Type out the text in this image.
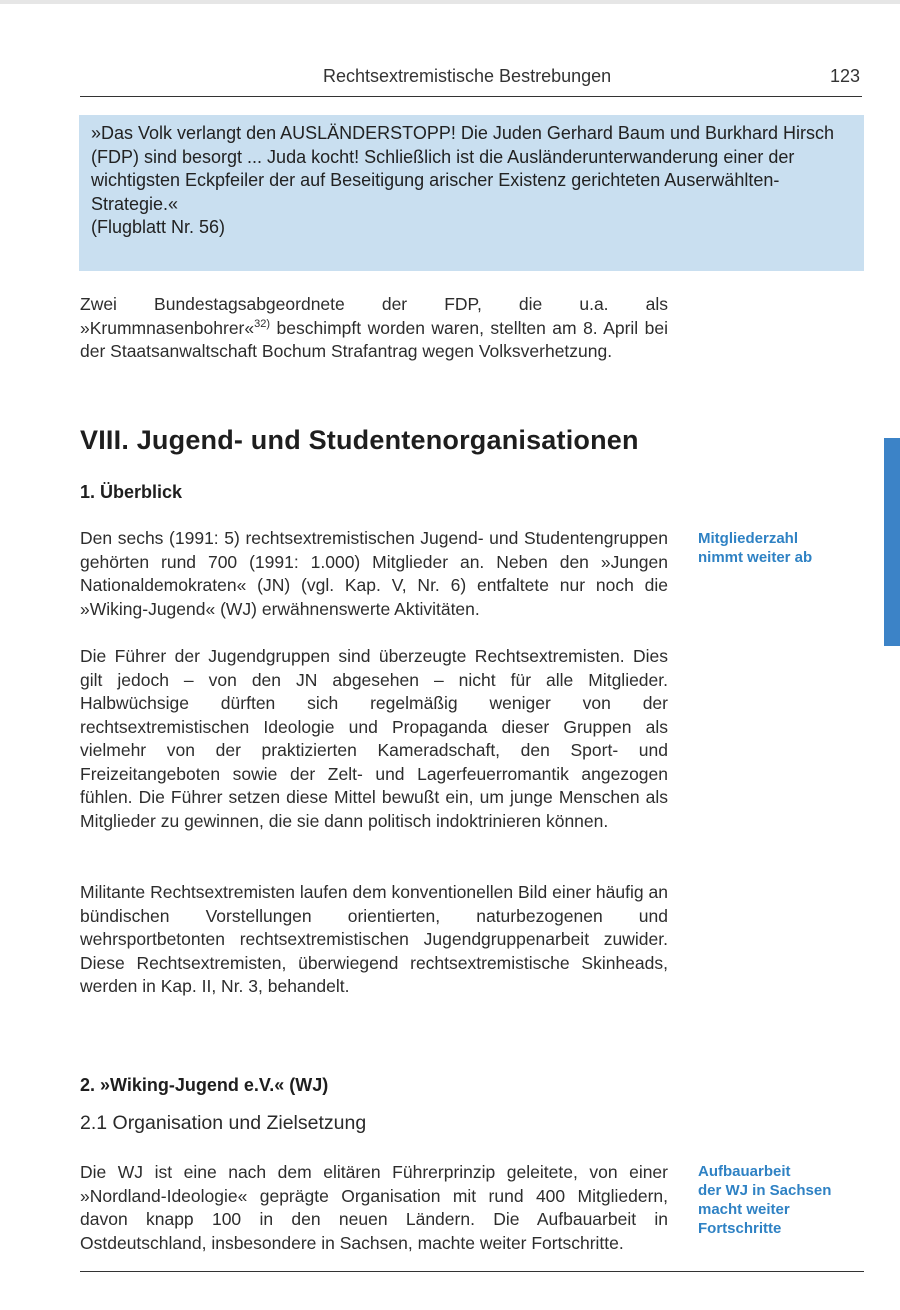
Rechtsextremistische Bestrebungen	123

»Das Volk verlangt den AUSLÄNDERSTOPP! Die Juden Gerhard Baum und Burkhard Hirsch (FDP) sind besorgt ... Juda kocht! Schließlich ist die Ausländerunterwanderung einer der wichtigsten Eckpfeiler der auf Beseitigung arischer Existenz gerichteten Auserwählten-Strategie.«

(Flugblatt Nr. 56)

Zwei Bundestagsabgeordnete der FDP, die u.a. als »Krummnasenbohrer«$^{32)}$ beschimpft worden waren, stellten am 8. April bei der Staatsanwaltschaft Bochum Strafantrag wegen Volksverhetzung.

VIII. Jugend- und Studentenorganisationen
1. Überblick

Den sechs (1991: 5) rechtsextremistischen Jugend- und Studentengruppen gehörten rund 700 (1991: 1.000) Mitglieder an. Neben den »Jungen Nationaldemokraten« (JN) (vgl. Kap. V, Nr. 6) entfaltete nur noch die »Wiking-Jugend« (WJ) erwähnenswerte Aktivitäten.

Mitgliederzahl
nimmt weiter ab

Die Führer der Jugendgruppen sind überzeugte Rechtsextremisten. Dies gilt jedoch – von den JN abgesehen – nicht für alle Mitglieder. Halbwüchsige dürften sich regelmäßig weniger von der rechtsextremistischen Ideologie und Propaganda dieser Gruppen als vielmehr von der praktizierten Kameradschaft, den Sport- und Freizeitangeboten sowie der Zelt- und Lagerfeuerromantik angezogen fühlen. Die Führer setzen diese Mittel bewußt ein, um junge Menschen als Mitglieder zu gewinnen, die sie dann politisch indoktrinieren können.

Militante Rechtsextremisten laufen dem konventionellen Bild einer häufig an bündischen Vorstellungen orientierten, naturbezogenen und wehrsportbetonten rechtsextremistischen Jugendgruppenarbeit zuwider. Diese Rechtsextremisten, überwiegend rechtsextremistische Skinheads, werden in Kap. II, Nr. 3, behandelt.

2. »Wiking-Jugend e.V.« (WJ)
2.1 Organisation und Zielsetzung

Die WJ ist eine nach dem elitären Führerprinzip geleitete, von einer »Nordland-Ideologie« geprägte Organisation mit rund 400 Mitgliedern, davon knapp 100 in den neuen Ländern. Die Aufbauarbeit in Ostdeutschland, insbesondere in Sachsen, machte weiter Fortschritte.

Aufbauarbeit
der WJ in Sachsen
macht weiter
Fortschritte
